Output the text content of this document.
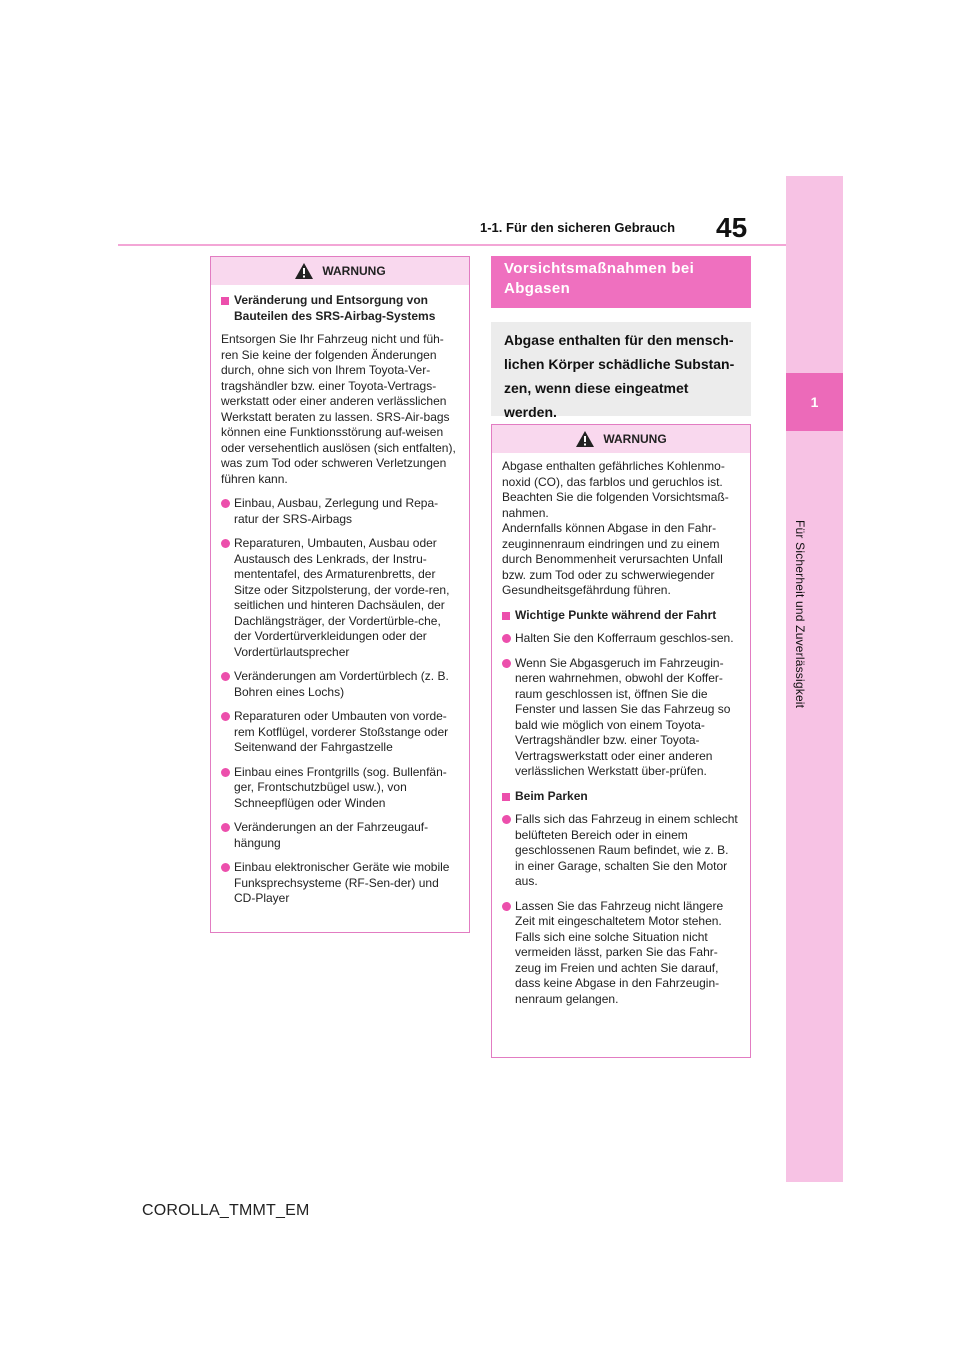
45
1-1. Für den sicheren Gebrauch
1
Für Sicherheit und Zuverlässigkeit
WARNUNG
Veränderung und Entsorgung von Bauteilen des SRS-Airbag-Systems
Entsorgen Sie Ihr Fahrzeug nicht und füh-ren Sie keine der folgenden Änderungen durch, ohne sich von Ihrem Toyota-Ver-tragshändler bzw. einer Toyota-Vertrags-werkstatt oder einer anderen verlässlichen Werkstatt beraten zu lassen. SRS-Air-bags können eine Funktionsstörung auf-weisen oder versehentlich auslösen (sich entfalten), was zum Tod oder schweren Verletzungen führen kann.
Einbau, Ausbau, Zerlegung und Repa-ratur der SRS-Airbags
Reparaturen, Umbauten, Ausbau oder Austausch des Lenkrads, der Instru-mententafel, des Armaturenbretts, der Sitze oder Sitzpolsterung, der vorde-ren, seitlichen und hinteren Dachsäulen, der Dachlängsträger, der Vordertürble-che, der Vordertürverkleidungen oder der Vordertürlautsprecher
Veränderungen am Vordertürblech (z. B. Bohren eines Lochs)
Reparaturen oder Umbauten von vorde-rem Kotflügel, vorderer Stoßstange oder Seitenwand der Fahrgastzelle
Einbau eines Frontgrills (sog. Bullenfän-ger, Frontschutzbügel usw.), von Schneepflügen oder Winden
Veränderungen an der Fahrzeugauf-hängung
Einbau elektronischer Geräte wie mobile Funksprechsysteme (RF-Sen-der) und CD-Player
Vorsichtsmaßnahmen bei Abgasen
Abgase enthalten für den mensch-lichen Körper schädliche Substan-zen, wenn diese eingeatmet werden.
WARNUNG
Abgase enthalten gefährliches Kohlenmo-noxid (CO), das farblos und geruchlos ist. Beachten Sie die folgenden Vorsichtsmaß-nahmen.
Andernfalls können Abgase in den Fahr-zeuginnenraum eindringen und zu einem durch Benommenheit verursachten Unfall bzw. zum Tod oder zu schwerwiegender Gesundheitsgefährdung führen.
Wichtige Punkte während der Fahrt
Halten Sie den Kofferraum geschlos-sen.
Wenn Sie Abgasgeruch im Fahrzeugin-neren wahrnehmen, obwohl der Koffer-raum geschlossen ist, öffnen Sie die Fenster und lassen Sie das Fahrzeug so bald wie möglich von einem Toyota-Vertragshändler bzw. einer Toyota-Vertragswerkstatt oder einer anderen verlässlichen Werkstatt über-prüfen.
Beim Parken
Falls sich das Fahrzeug in einem schlecht belüfteten Bereich oder in einem geschlossenen Raum befindet, wie z. B. in einer Garage, schalten Sie den Motor aus.
Lassen Sie das Fahrzeug nicht längere Zeit mit eingeschaltetem Motor stehen. Falls sich eine solche Situation nicht vermeiden lässt, parken Sie das Fahr-zeug im Freien und achten Sie darauf, dass keine Abgase in den Fahrzeugin-nenraum gelangen.
COROLLA_TMMT_EM
